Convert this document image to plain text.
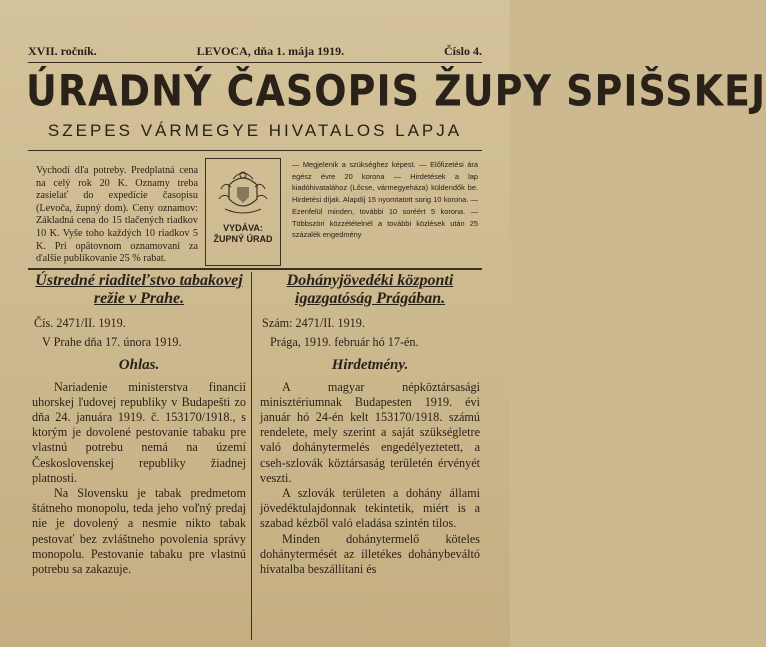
XVII. ročník.	LEVOCA, dňa 1. mája 1919.	Číslo 4.
ÚRADNÝ ČASOPIS ŽUPY SPIŠSKEJ
SZEPES VÁRMEGYE HIVATALOS LAPJA

Vychodí dľa potreby. Predplatná cena na celý rok 20 K. Oznamy treba zasielať do expedície časopisu (Levoča, župný dom). Ceny oznamov: Základná cena do 15 tlačených riadkov 10 K. Vyše toho každých 10 riadkov 5 K. Pri opätovnom oznamovaní za ďalšie publikovanie 25 % rabat.

VYDÁVA:
ŽUPNÝ ÚRAD

— Megjelenik a szükséghez képest. — Előfizetési ára egész évre 20 korona — Hirdetések a lap kiadóhivatalához (Lőcse, vármegyeháza) küldendők be. Hirdetési díjak. Alapdíj 15 nyomtatott sorig 10 korona. — Ezenfelül minden, további 10 soréért 5 korona. — Többszöri közzétételnél a további közlések után 25 százalék engedmény

Ústredné riaditeľstvo tabakovej režie v Prahe.
Čís. 2471/II. 1919.
V Prahe dňa 17. února 1919.
Ohlas.

Nariadenie ministerstva financií uhorskej ľudovej republiky v Budapešti zo dňa 24. januára 1919. č. 153170/1918., s ktorým je dovolené pestovanie tabaku pre vlastnú potrebu nemá na území Československej republiky žiadnej platnosti.

Na Slovensku je tabak predmetom štátneho monopolu, teda jeho voľný predaj nie je dovolený a nesmie nikto tabak pestovať bez zvláštneho povolenia správy monopolu. Pestovanie tabaku pre vlastnú potrebu sa zakazuje.

Dohányjövedéki központi igazgatóság Prágában.
Szám: 2471/II. 1919.
Prága, 1919. február hó 17-én.
Hirdetmény.

A magyar népköztársasági minisztériumnak Budapesten 1919. évi január hó 24-én kelt 153170/1918. számú rendelete, mely szerint a saját szükségletre való dohánytermelés engedélyeztetett, a cseh-szlovák köztársaság területén érvényét veszti.

A szlovák területen a dohány állami jövedéktulajdonnak tekintetik, miért is a szabad kézből való eladása szintén tilos.

Minden dohánytermelő köteles dohánytermését az illetékes dohánybeváltó hivatalba beszállítani és
